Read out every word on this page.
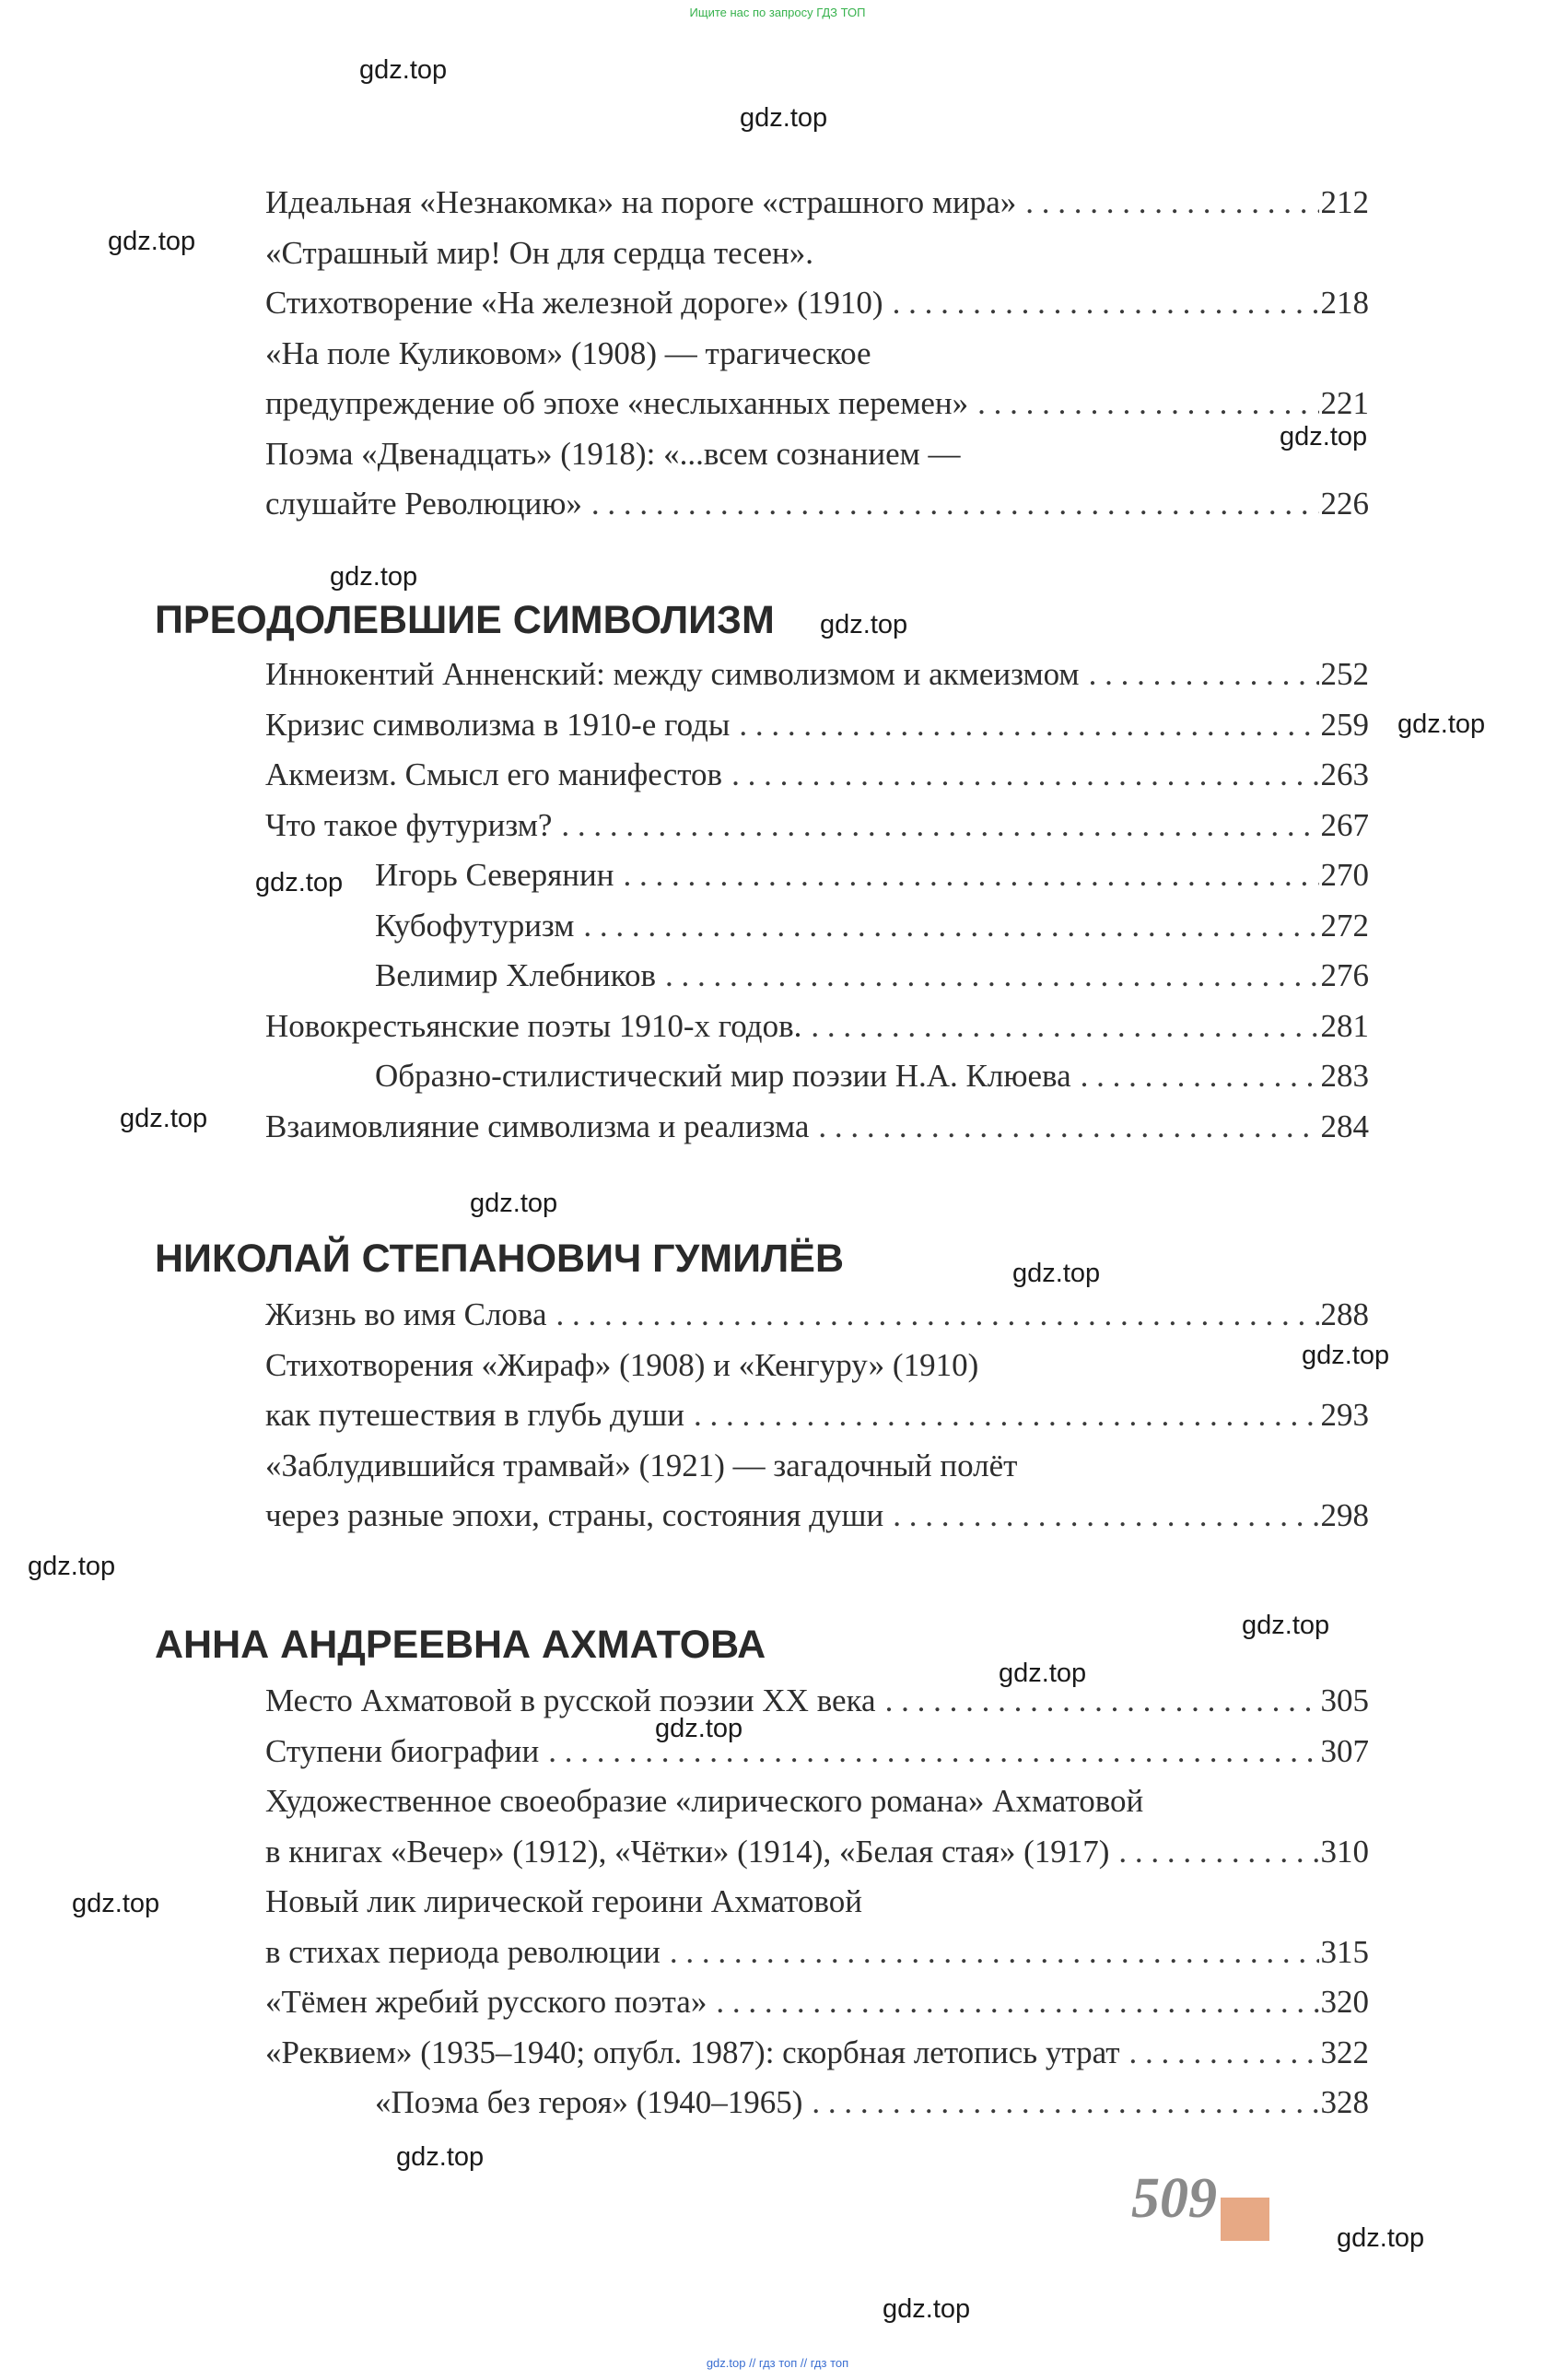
Ищите нас по запросу ГДЗ ТОП
Идеальная «Незнакомка» на пороге «страшного мира» . . .	212
«Страшный мир! Он для сердца тесен».
Стихотворение «На железной дороге» (1910) . . .	218
«На поле Куликовом» (1908) — трагическое
предупреждение об эпохе «неслыханных перемен» . . .	221
Поэма «Двенадцать» (1918): «...всем сознанием —
слушайте Революцию» . . .	226
ПРЕОДОЛЕВШИЕ СИМВОЛИЗМ
Иннокентий Анненский: между символизмом и акмеизмом . . .	252
Кризис символизма в 1910-е годы . . .	259
Акмеизм. Смысл его манифестов . . .	263
Что такое футуризм? . . .	267
Игорь Северянин . . .	270
Кубофутуризм . . .	272
Велимир Хлебников . . .	276
Новокрестьянские поэты 1910-х годов. . . .	281
Образно-стилистический мир поэзии Н.А. Клюева . . .	283
Взаимовлияние символизма и реализма . . .	284
НИКОЛАЙ СТЕПАНОВИЧ ГУМИЛЁВ
Жизнь во имя Слова . . .	288
Стихотворения «Жираф» (1908) и «Кенгуру» (1910)
как путешествия в глубь души . . .	293
«Заблудившийся трамвай» (1921) — загадочный полёт
через разные эпохи, страны, состояния души . . .	298
АННА АНДРЕЕВНА АХМАТОВА
Место Ахматовой в русской поэзии XX века . . .	305
Ступени биографии . . .	307
Художественное своеобразие «лирического романа» Ахматовой
в книгах «Вечер» (1912), «Чётки» (1914), «Белая стая» (1917) . . .	310
Новый лик лирической героини Ахматовой
в стихах периода революции . . .	315
«Тёмен жребий русского поэта» . . .	320
«Реквием» (1935–1940; опубл. 1987): скорбная летопись утрат . . .	322
«Поэма без героя» (1940–1965) . . .	328
509
gdz.top
gdz.top
gdz.top
gdz.top
gdz.top
gdz.top
gdz.top
gdz.top
gdz.top
gdz.top
gdz.top
gdz.top
gdz.top
gdz.top
gdz.top
gdz.top
gdz.top
gdz.top
gdz.top
gdz.top
gdz.top // гдз топ // гдз топ
